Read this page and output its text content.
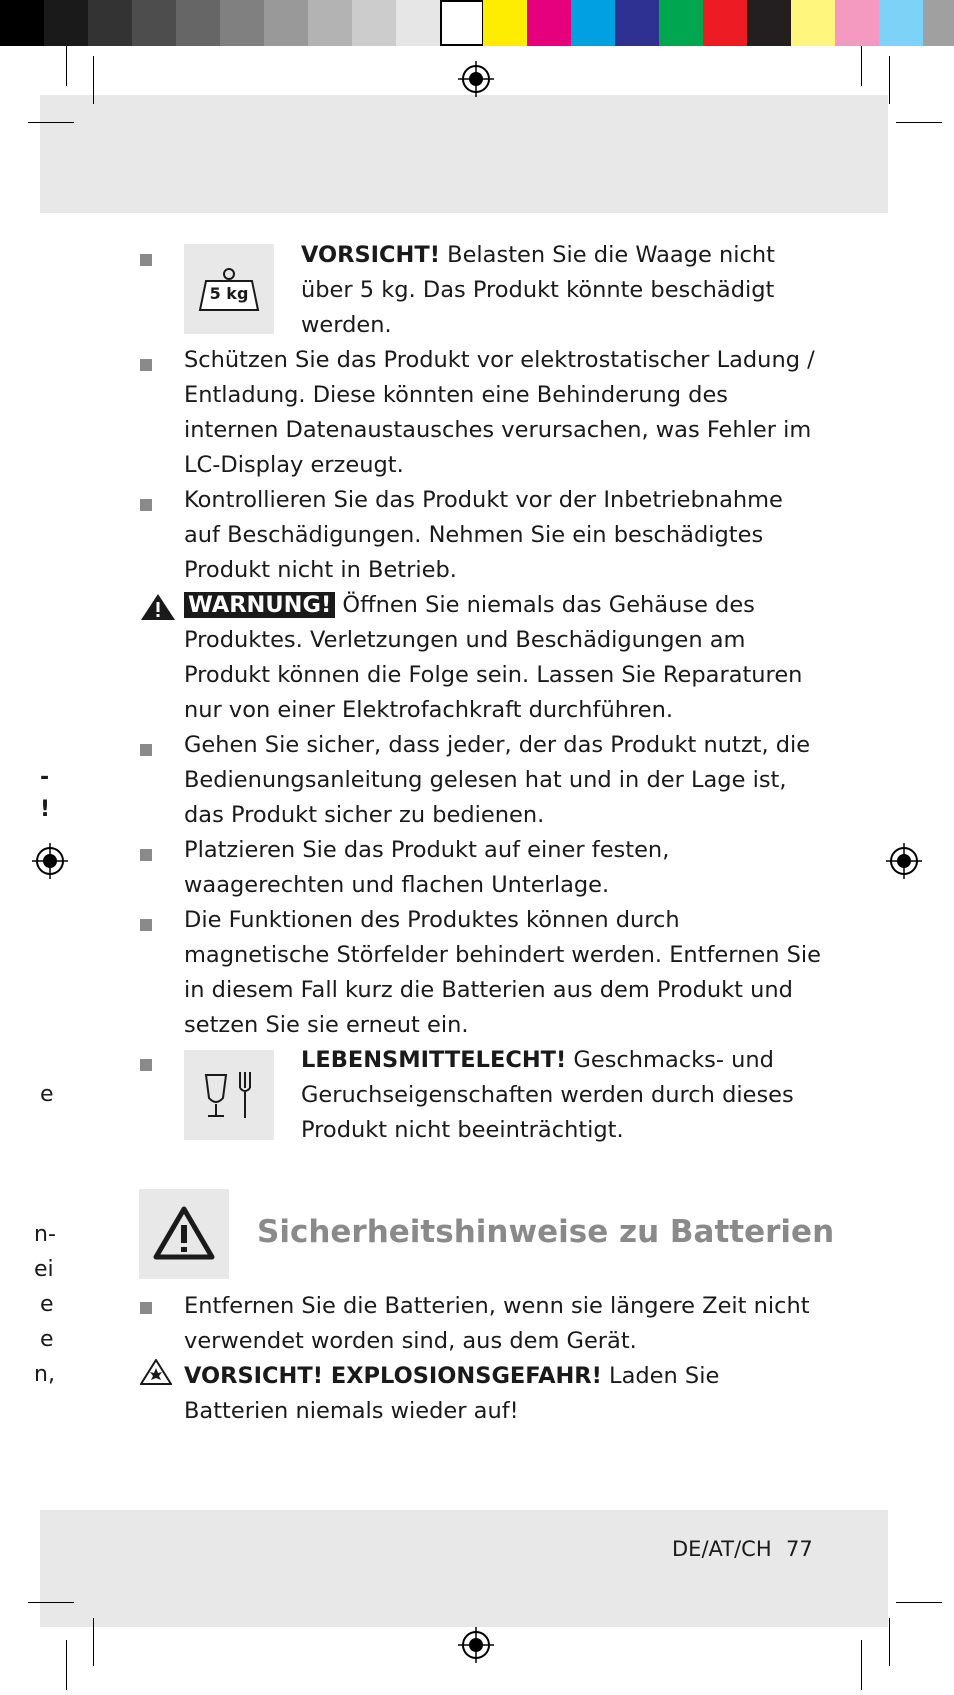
-
!
e
n-
ei
e
e
n,
5 kg
VORSICHT! Belasten Sie die Waage nicht über 5 kg. Das Produkt könnte beschädigt werden.
Schützen Sie das Produkt vor elektrostatischer Ladung / Entladung. Diese könnten eine Behinderung des internen Datenaustausches verursachen, was Fehler im LC-Display erzeugt.
Kontrollieren Sie das Produkt vor der Inbetriebnahme auf Beschädigungen. Nehmen Sie ein beschädigtes Produkt nicht in Betrieb.
WARNUNG! Öffnen Sie niemals das Gehäuse des Produktes. Verletzungen und Beschädigungen am Produkt können die Folge sein. Lassen Sie Reparaturen nur von einer Elektrofachkraft durchführen.
Gehen Sie sicher, dass jeder, der das Produkt nutzt, die Bedienungsanleitung gelesen hat und in der Lage ist, das Produkt sicher zu bedienen.
Platzieren Sie das Produkt auf einer festen, waagerechten und flachen Unterlage.
Die Funktionen des Produktes können durch magnetische Störfelder behindert werden. Entfernen Sie in diesem Fall kurz die Batterien aus dem Produkt und setzen Sie sie erneut ein.
LEBENSMITTELECHT! Geschmacks- und Geruchseigenschaften werden durch dieses Produkt nicht beeinträchtigt.
Sicherheitshinweise zu Batterien
Entfernen Sie die Batterien, wenn sie längere Zeit nicht verwendet worden sind, aus dem Gerät.
VORSICHT! EXPLOSIONSGEFAHR! Laden Sie Batterien niemals wieder auf!
DE/AT/CH 77
